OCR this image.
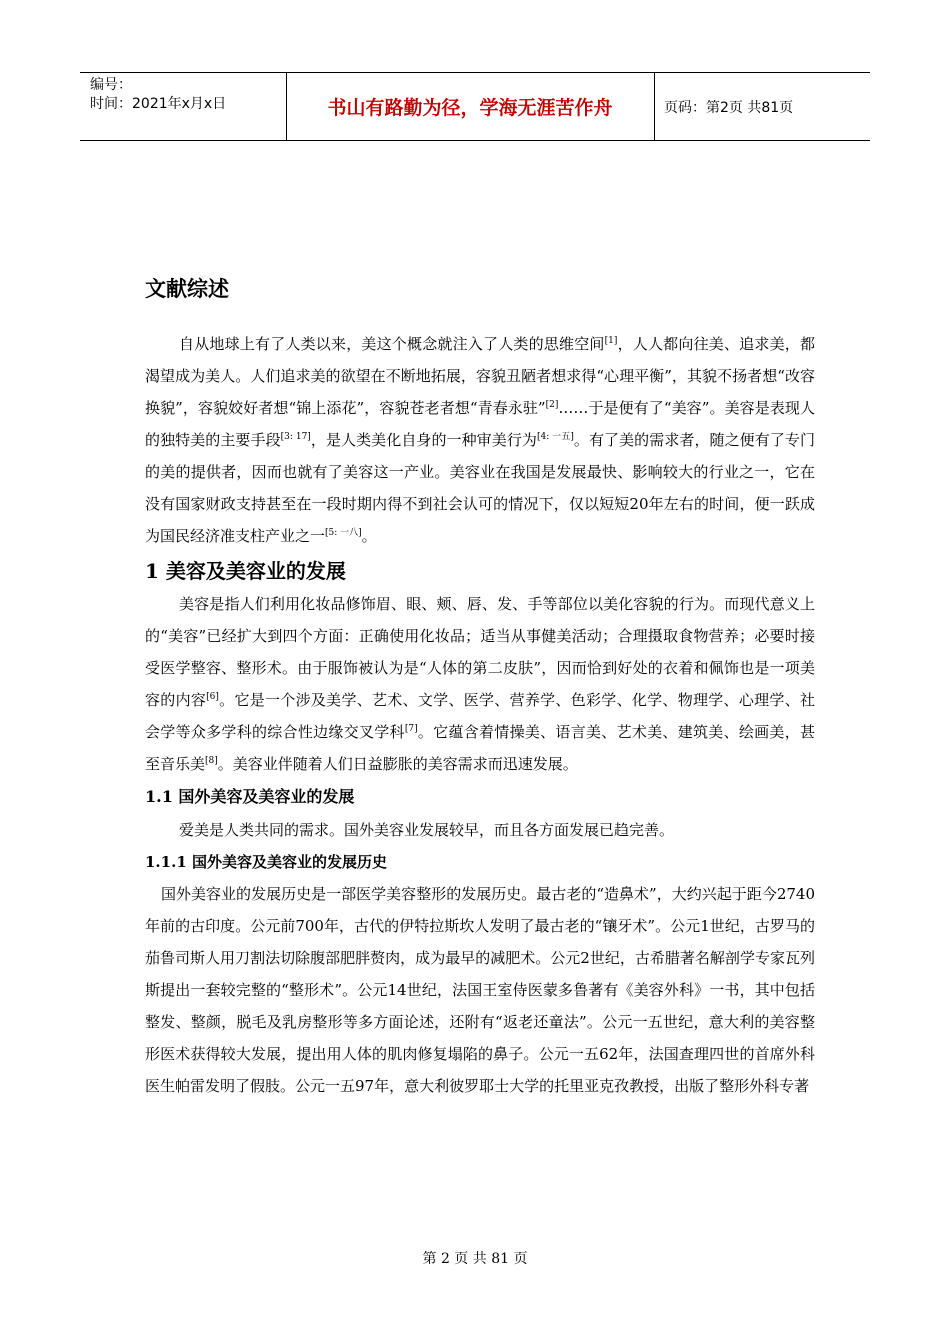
编号：
时间：2021年x月x日	书山有路勤为径，学海无涯苦作舟	页码：第2页 共81页
文献综述

自从地球上有了人类以来，美这个概念就注入了人类的思维空间[1]，人人都向往美、追求美，都渴望成为美人。人们追求美的欲望在不断地拓展，容貌丑陋者想求得“心理平衡”，其貌不扬者想“改容换貌”，容貌姣好者想“锦上添花”，容貌苍老者想“青春永驻”[2]……于是便有了“美容”。美容是表现人的独特美的主要手段[3: 17]，是人类美化自身的一种审美行为[4: 一五]。有了美的需求者，随之便有了专门的美的提供者，因而也就有了美容这一产业。美容业在我国是发展最快、影响较大的行业之一，它在没有国家财政支持甚至在一段时期内得不到社会认可的情况下，仅以短短20年左右的时间，便一跃成为国民经济准支柱产业之一[5: 一八]。

1 美容及美容业的发展

美容是指人们利用化妆品修饰眉、眼、颊、唇、发、手等部位以美化容貌的行为。而现代意义上的“美容”已经扩大到四个方面：正确使用化妆品；适当从事健美活动；合理摄取食物营养；必要时接受医学整容、整形术。由于服饰被认为是“人体的第二皮肤”，因而恰到好处的衣着和佩饰也是一项美容的内容[6]。它是一个涉及美学、艺术、文学、医学、营养学、色彩学、化学、物理学、心理学、社会学等众多学科的综合性边缘交叉学科[7]。它蕴含着情操美、语言美、艺术美、建筑美、绘画美，甚至音乐美[8]。美容业伴随着人们日益膨胀的美容需求而迅速发展。

1.1 国外美容及美容业的发展

爱美是人类共同的需求。国外美容业发展较早，而且各方面发展已趋完善。

1.1.1 国外美容及美容业的发展历史

国外美容业的发展历史是一部医学美容整形的发展历史。最古老的“造鼻术”，大约兴起于距今2740年前的古印度。公元前700年，古代的伊特拉斯坎人发明了最古老的“镶牙术”。公元1世纪，古罗马的茄鲁司斯人用刀割法切除腹部肥胖赘肉，成为最早的减肥术。公元2世纪，古希腊著名解剖学专家瓦列斯提出一套较完整的“整形术”。公元14世纪，法国王室侍医蒙多鲁著有《美容外科》一书，其中包括整发、整颜，脱毛及乳房整形等多方面论述，还附有“返老还童法”。公元一五世纪，意大利的美容整形医术获得较大发展，提出用人体的肌肉修复塌陷的鼻子。公元一五62年，法国查理四世的首席外科医生帕雷发明了假肢。公元一五97年，意大利彼罗耶士大学的托里亚克孜教授，出版了整形外科专著

第 2 页 共 81 页
